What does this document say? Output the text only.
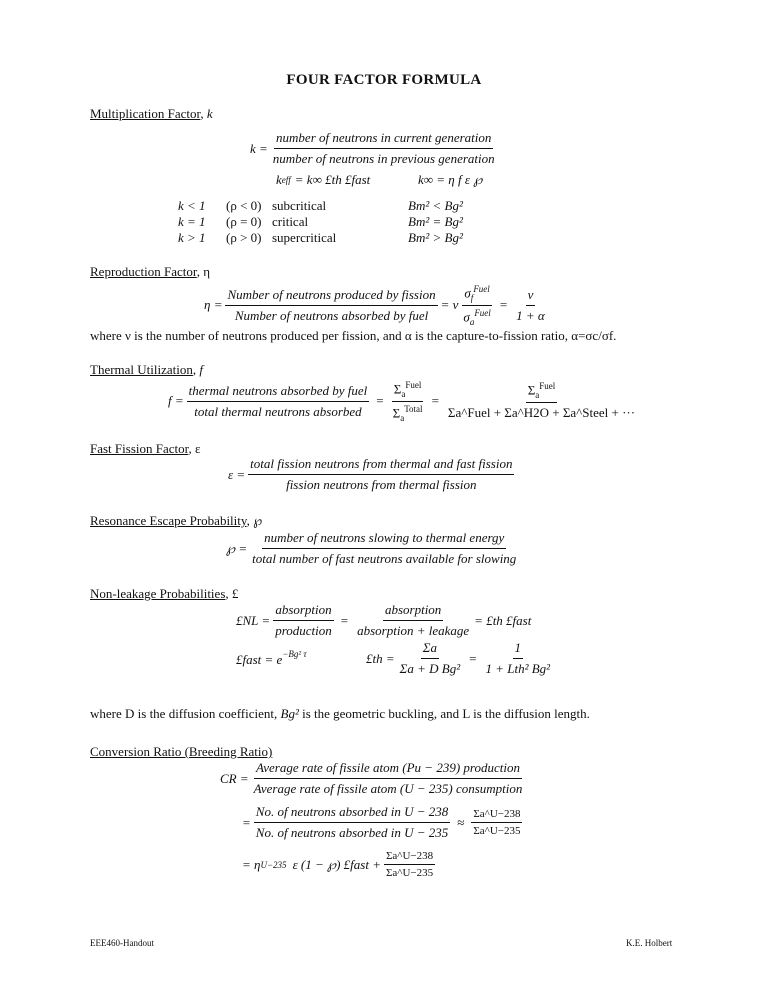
FOUR FACTOR FORMULA
Multiplication Factor, k
$k = \frac{\text{number of neutrons in current generation}}{\text{number of neutrons in previous generation}}$
k eff = k∞ £th £fast	k∞ = η f ε ℘
k < 1 (ρ < 0) subcritical	Bm² < Bg²
k = 1 (ρ = 0) critical	Bm² = Bg²
k > 1 (ρ > 0) supercritical	Bm² > Bg²
Reproduction Factor, η
$\eta = \frac{\text{Number of neutrons produced by fission}}{\text{Number of neutrons absorbed by fuel}} = \nu \frac{\sigma_f^{Fuel}}{\sigma_a^{Fuel}} = \frac{\nu}{1 + \alpha}$
where ν is the number of neutrons produced per fission, and α is the capture-to-fission ratio, α=σc/σf.
Thermal Utilization, f
$f = \frac{\text{thermal neutrons absorbed by fuel}}{\text{total thermal neutrons absorbed}} = \frac{\Sigma_a^{Fuel}}{\Sigma_a^{Total}} = \frac{\Sigma_a^{Fuel}}{\text{Σa\textasciicircum{}Fuel + Σa\textasciicircum{}H2O + Σa\textasciicircum{}Steel + ···}}$
Fast Fission Factor, ε
$\varepsilon = \frac{\text{total fission neutrons from thermal and fast fission}}{\text{fission neutrons from thermal fission}}$
Resonance Escape Probability, ℘
℘ = $\frac{\text{number of neutrons slowing to thermal energy}}{\text{total number of fast neutrons available for slowing}}$
Non-leakage Probabilities, £
£NL = $\frac{\text{absorption}}{\text{production}} = \frac{\text{absorption}}{\text{absorption + leakage}}$ = £th £fast
£fast = $e^{-Bg^2 \tau}$	£th = $\frac{\Sigma a}{\text{Σa + D Bg²}} = \frac{1}{\text{1 + Lth² Bg²}}$
where D is the diffusion coefficient, Bg² is the geometric buckling, and L is the diffusion length.
Conversion Ratio (Breeding Ratio)
CR = $\frac{\text{Average rate of fissile atom (Pu − 239) production}}{\text{Average rate of fissile atom (U − 235) consumption}}$
= $\frac{\text{No. of neutrons absorbed in U − 238}}{\text{No. of neutrons absorbed in U − 235}} \approx \frac{\Sigma a\^{}U-238}{\Sigma a\^{}U-235}$
= η U−235 ε (1 − ℘) £fast + $\frac{\Sigma a\^{}U-238}{\Sigma a\^{}U-235}$
EEE460-Handout	K.E. Holbert
